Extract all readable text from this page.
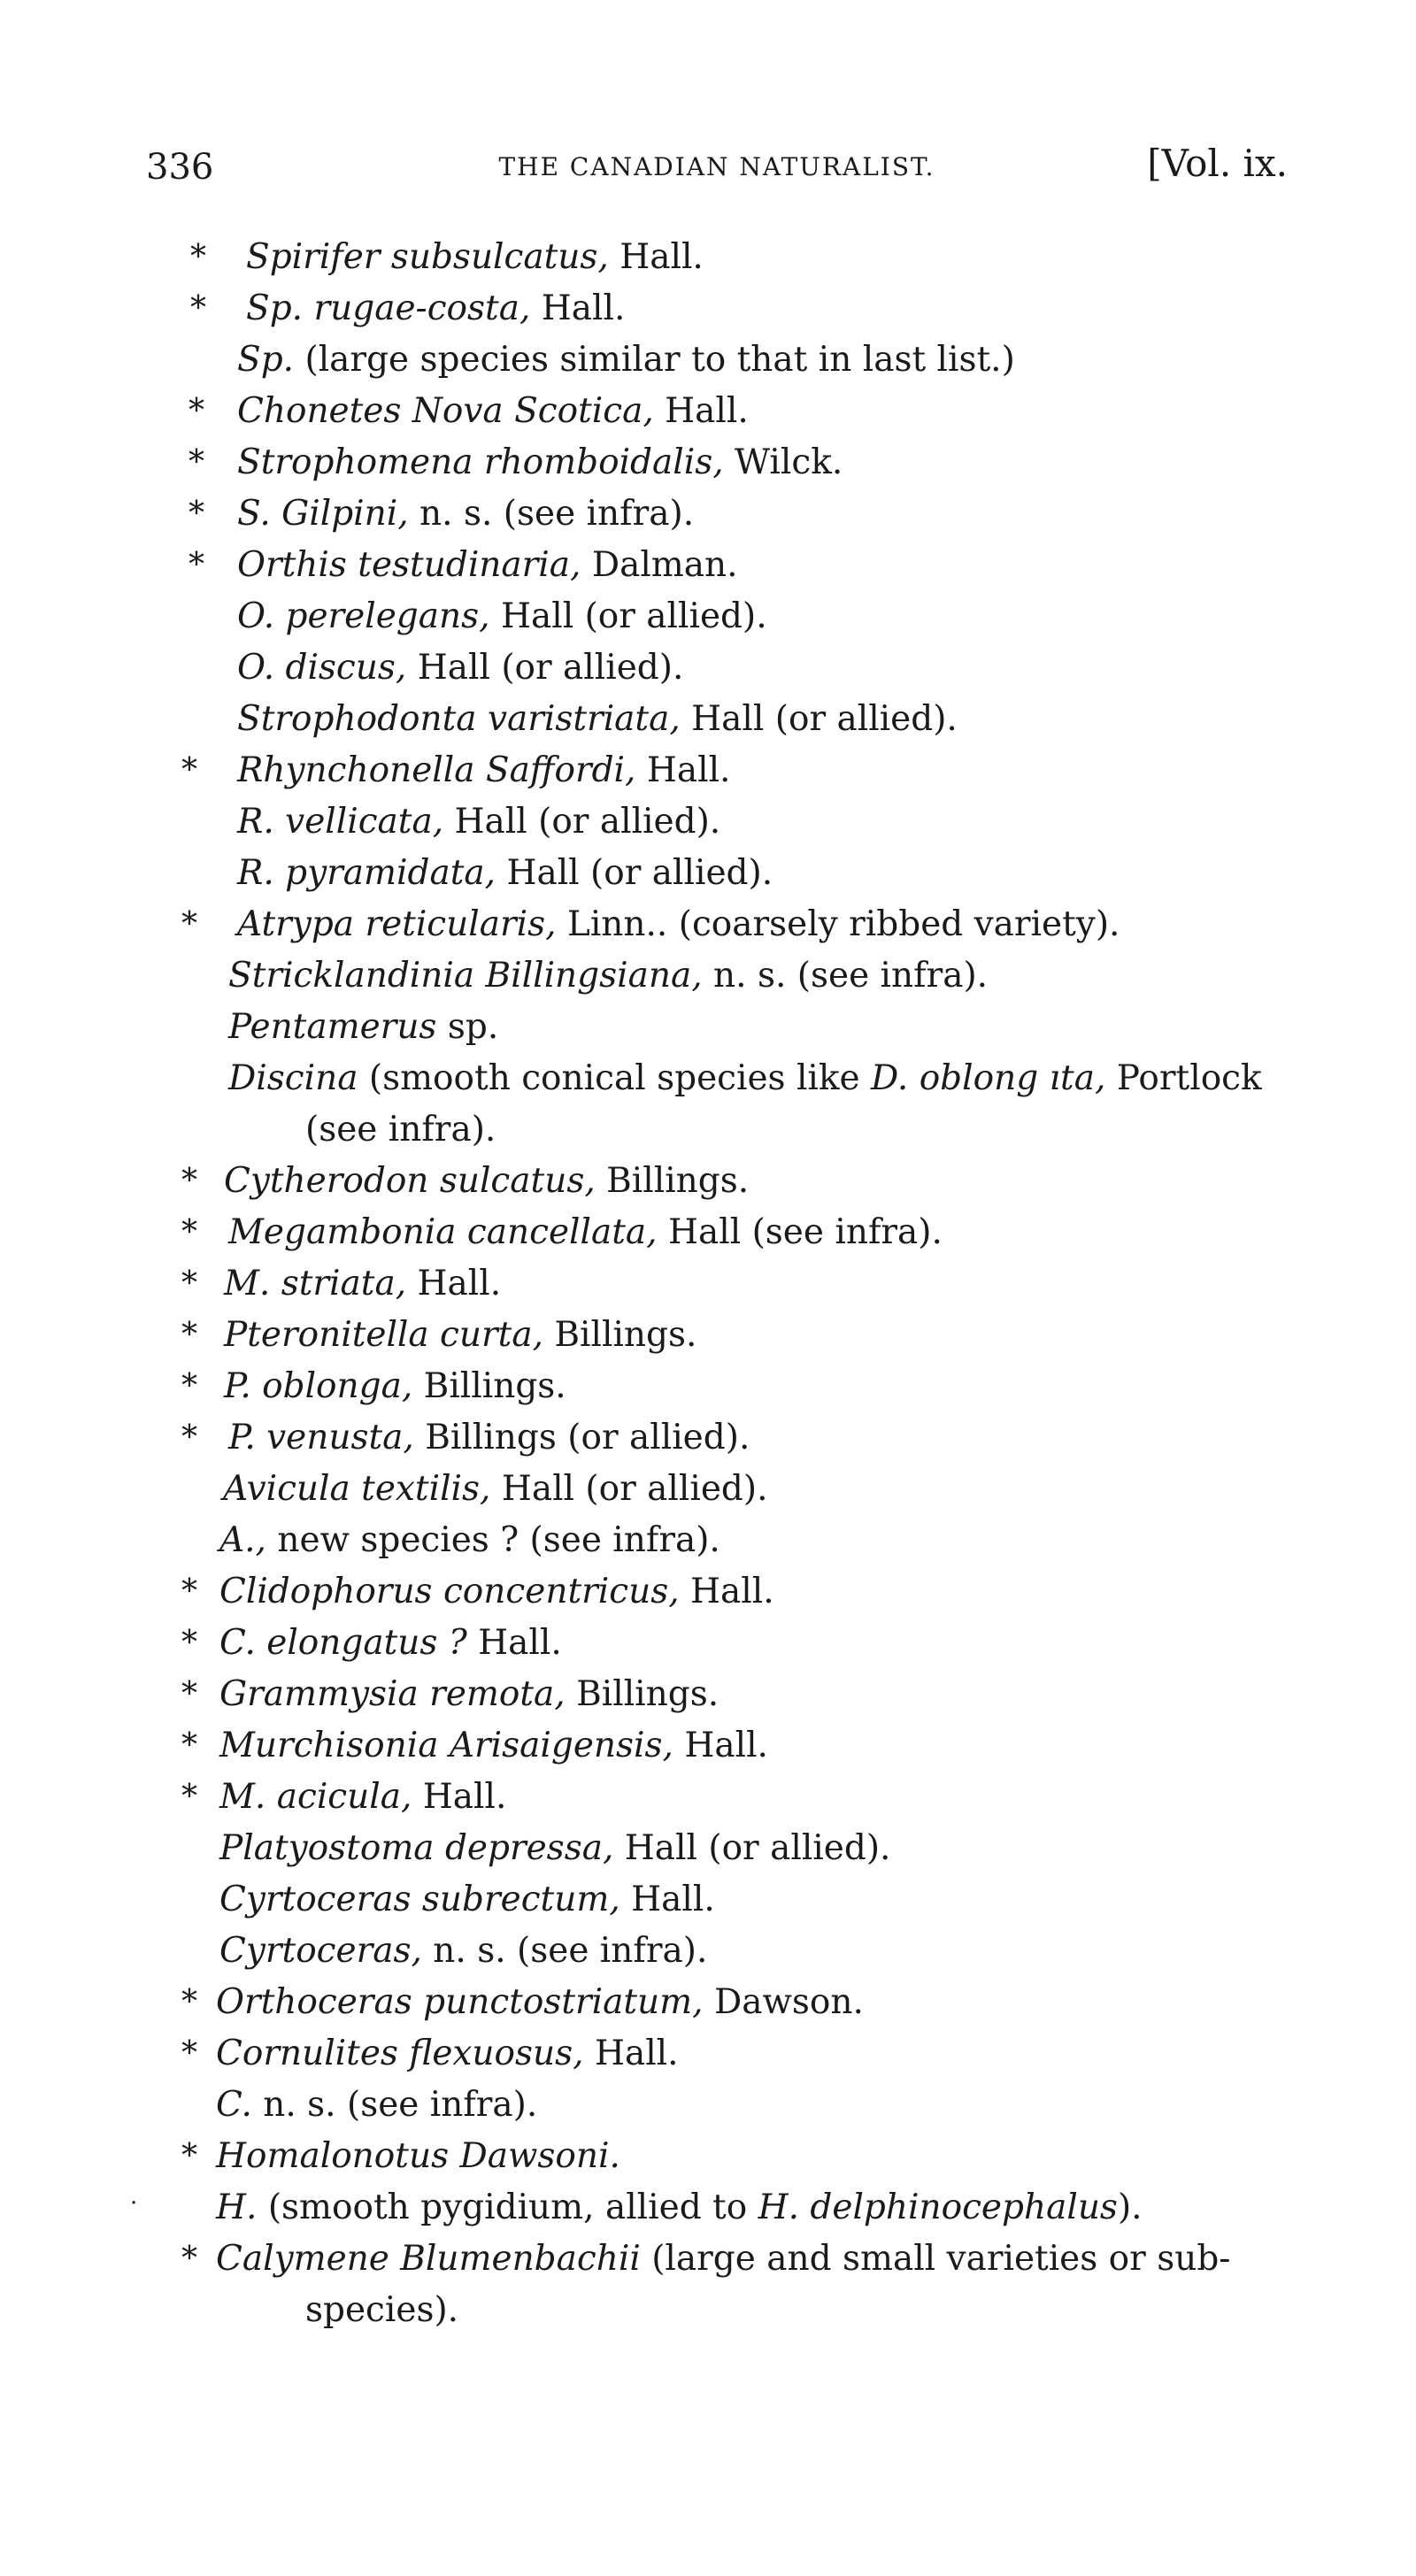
336	THE CANADIAN NATURALIST.	[Vol. ix.
* Spirifer subsulcatus, Hall.
* Sp. rugae-costa, Hall.
Sp. (large species similar to that in last list.)
* Chonetes Nova Scotica, Hall.
* Strophomena rhomboidalis, Wilck.
* S. Gilpini, n. s. (see infra).
* Orthis testudinaria, Dalman.
O. perelegans, Hall (or allied).
O. discus, Hall (or allied).
Strophodonta varistriata, Hall (or allied).
* Rhynchonella Saffordi, Hall.
R. vellicata, Hall (or allied).
R. pyramidata, Hall (or allied).
* Atrypa reticularis, Linn.. (coarsely ribbed variety).
Stricklandinia Billingsiana, n. s. (see infra).
Pentamerus sp.
Discina (smooth conical species like D. oblong ıta, Portlock
(see infra).
* Cytherodon sulcatus, Billings.
* Megambonia cancellata, Hall (see infra).
* M. striata, Hall.
* Pteronitella curta, Billings.
* P. oblonga, Billings.
* P. venusta, Billings (or allied).
Avicula textilis, Hall (or allied).
A., new species ? (see infra).
* Clidophorus concentricus, Hall.
* C. elongatus ? Hall.
* Grammysia remota, Billings.
* Murchisonia Arisaigensis, Hall.
* M. acicula, Hall.
Platyostoma depressa, Hall (or allied).
Cyrtoceras subrectum, Hall.
Cyrtoceras, n. s. (see infra).
* Orthoceras punctostriatum, Dawson.
* Cornulites flexuosus, Hall.
C. n. s. (see infra).
* Homalonotus Dawsoni.
H. (smooth pygidium, allied to H. delphinocephalus).
* Calymene Blumenbachii (large and small varieties or sub-
species).
·
